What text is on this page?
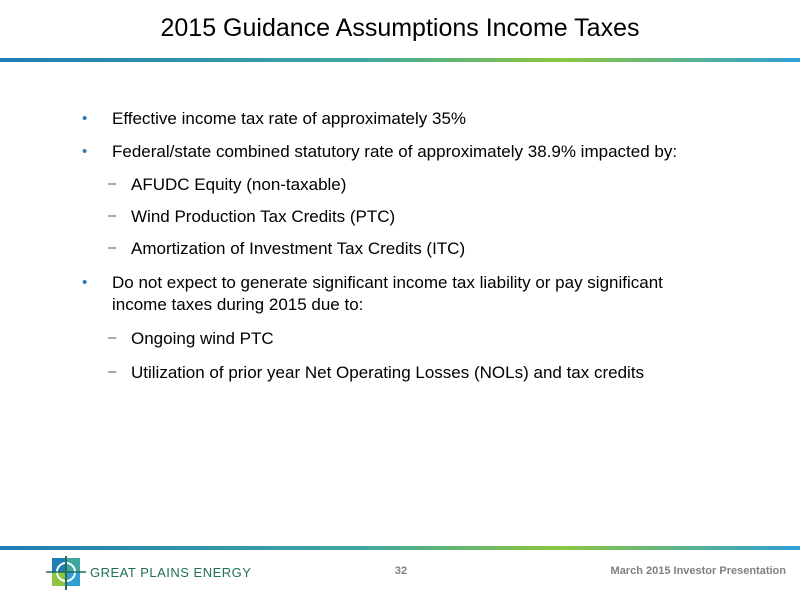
2015 Guidance Assumptions Income Taxes
• Effective income tax rate of approximately 35%
• Federal/state combined statutory rate of approximately 38.9% impacted by:
– AFUDC Equity (non-taxable)
– Wind Production Tax Credits (PTC)
– Amortization of Investment Tax Credits (ITC)
• Do not expect to generate significant income tax liability or pay significant income taxes during 2015 due to:
– Ongoing wind PTC
– Utilization of prior year Net Operating Losses (NOLs) and tax credits
GREAT PLAINS ENERGY	32	March 2015 Investor Presentation
